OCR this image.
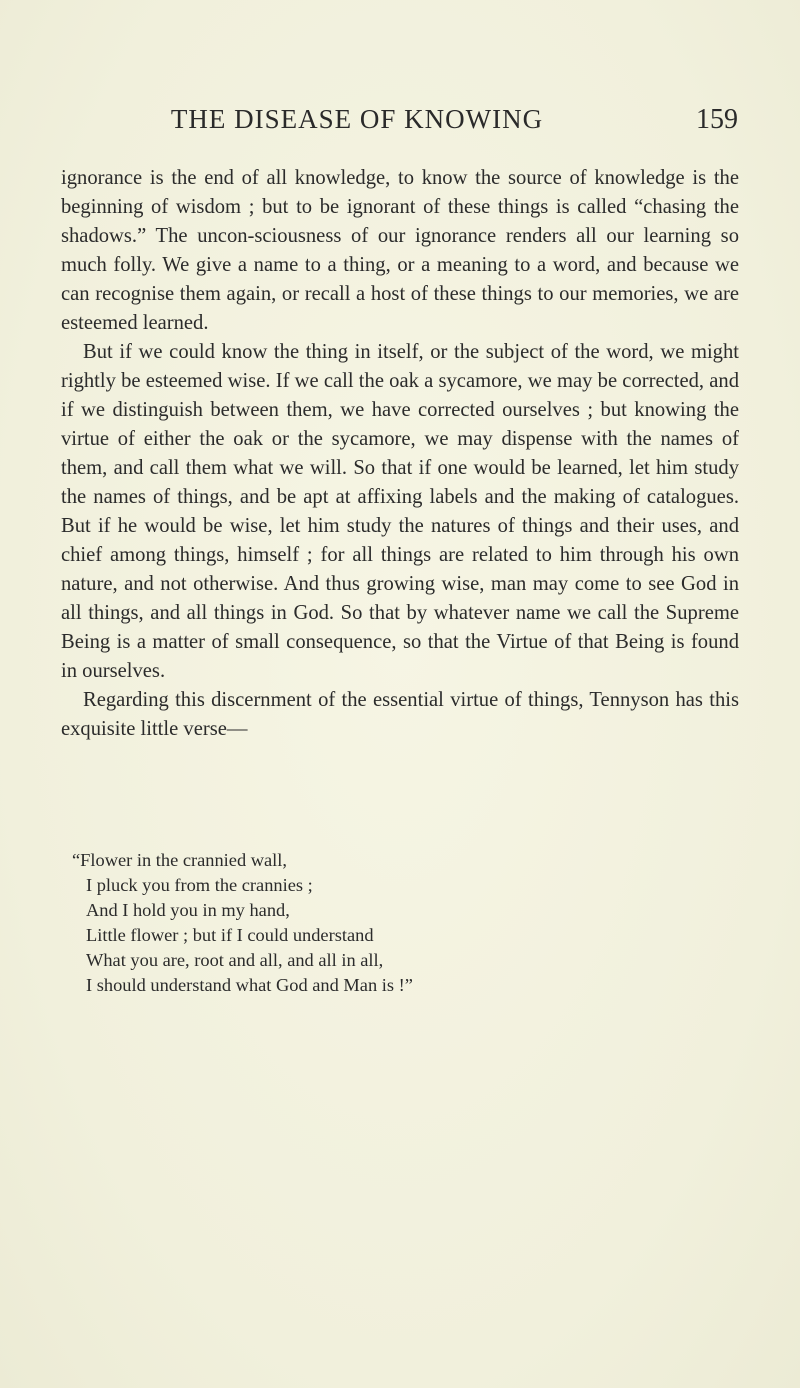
THE DISEASE OF KNOWING	159

ignorance is the end of all knowledge, to know the source of knowledge is the beginning of wisdom ; but to be ignorant of these things is called “chasing the shadows.” The uncon-sciousness of our ignorance renders all our learning so much folly. We give a name to a thing, or a meaning to a word, and because we can recognise them again, or recall a host of these things to our memories, we are esteemed learned.

But if we could know the thing in itself, or the subject of the word, we might rightly be esteemed wise. If we call the oak a sycamore, we may be corrected, and if we distinguish between them, we have corrected ourselves ; but knowing the virtue of either the oak or the sycamore, we may dispense with the names of them, and call them what we will. So that if one would be learned, let him study the names of things, and be apt at affixing labels and the making of catalogues. But if he would be wise, let him study the natures of things and their uses, and chief among things, himself ; for all things are related to him through his own nature, and not otherwise. And thus growing wise, man may come to see God in all things, and all things in God. So that by whatever name we call the Supreme Being is a matter of small consequence, so that the Virtue of that Being is found in ourselves.

Regarding this discernment of the essential virtue of things, Tennyson has this exquisite little verse—

“Flower in the crannied wall,
I pluck you from the crannies ;
And I hold you in my hand,
Little flower ; but if I could understand
What you are, root and all, and all in all,
I should understand what God and Man is !”
